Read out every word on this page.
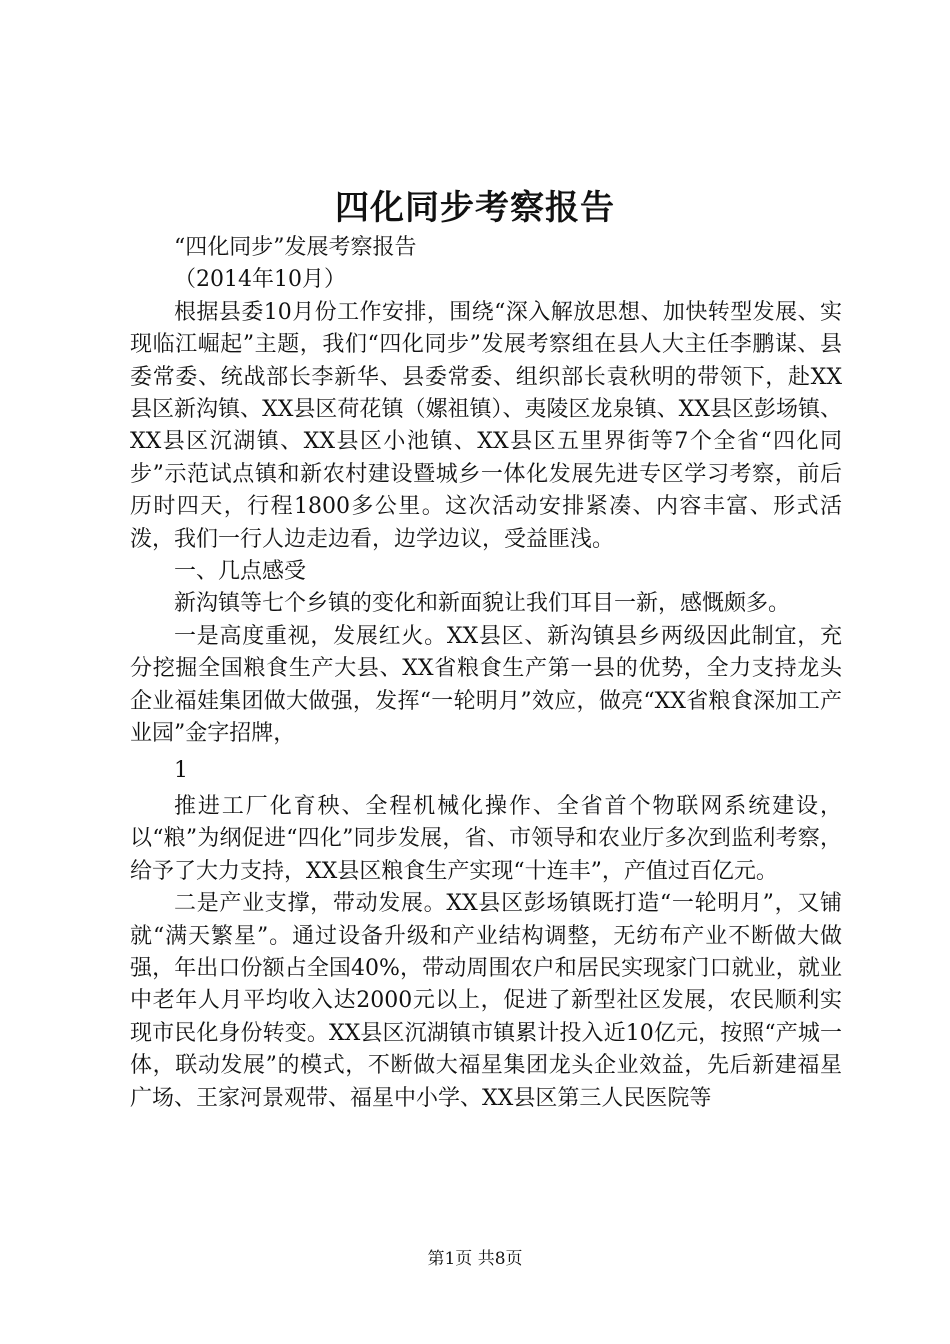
四化同步考察报告

“四化同步”发展考察报告

（2014年10月）

根据县委10月份工作安排，围绕“深入解放思想、加快转型发展、实现临江崛起”主题，我们“四化同步”发展考察组在县人大主任李鹏谋、县委常委、统战部长李新华、县委常委、组织部长袁秋明的带领下，赴XX县区新沟镇、XX县区荷花镇（嫘祖镇）、夷陵区龙泉镇、XX县区彭场镇、XX县区沉湖镇、XX县区小池镇、XX县区五里界街等7个全省“四化同步”示范试点镇和新农村建设暨城乡一体化发展先进专区学习考察，前后历时四天，行程1800多公里。这次活动安排紧凑、内容丰富、形式活泼，我们一行人边走边看，边学边议，受益匪浅。

一、几点感受

新沟镇等七个乡镇的变化和新面貌让我们耳目一新，感慨颇多。

一是高度重视，发展红火。XX县区、新沟镇县乡两级因此制宜，充分挖掘全国粮食生产大县、XX省粮食生产第一县的优势，全力支持龙头企业福娃集团做大做强，发挥“一轮明月”效应，做亮“XX省粮食深加工产业园”金字招牌，

1

推进工厂化育秧、全程机械化操作、全省首个物联网系统建设，以“粮”为纲促进“四化”同步发展，省、市领导和农业厅多次到监利考察，给予了大力支持，XX县区粮食生产实现“十连丰”，产值过百亿元。

二是产业支撑，带动发展。XX县区彭场镇既打造“一轮明月”，又铺就“满天繁星”。通过设备升级和产业结构调整，无纺布产业不断做大做强，年出口份额占全国40%，带动周围农户和居民实现家门口就业，就业中老年人月平均收入达2000元以上，促进了新型社区发展，农民顺利实现市民化身份转变。XX县区沉湖镇市镇累计投入近10亿元，按照“产城一体，联动发展”的模式，不断做大福星集团龙头企业效益，先后新建福星广场、王家河景观带、福星中小学、XX县区第三人民医院等

第1页 共8页
